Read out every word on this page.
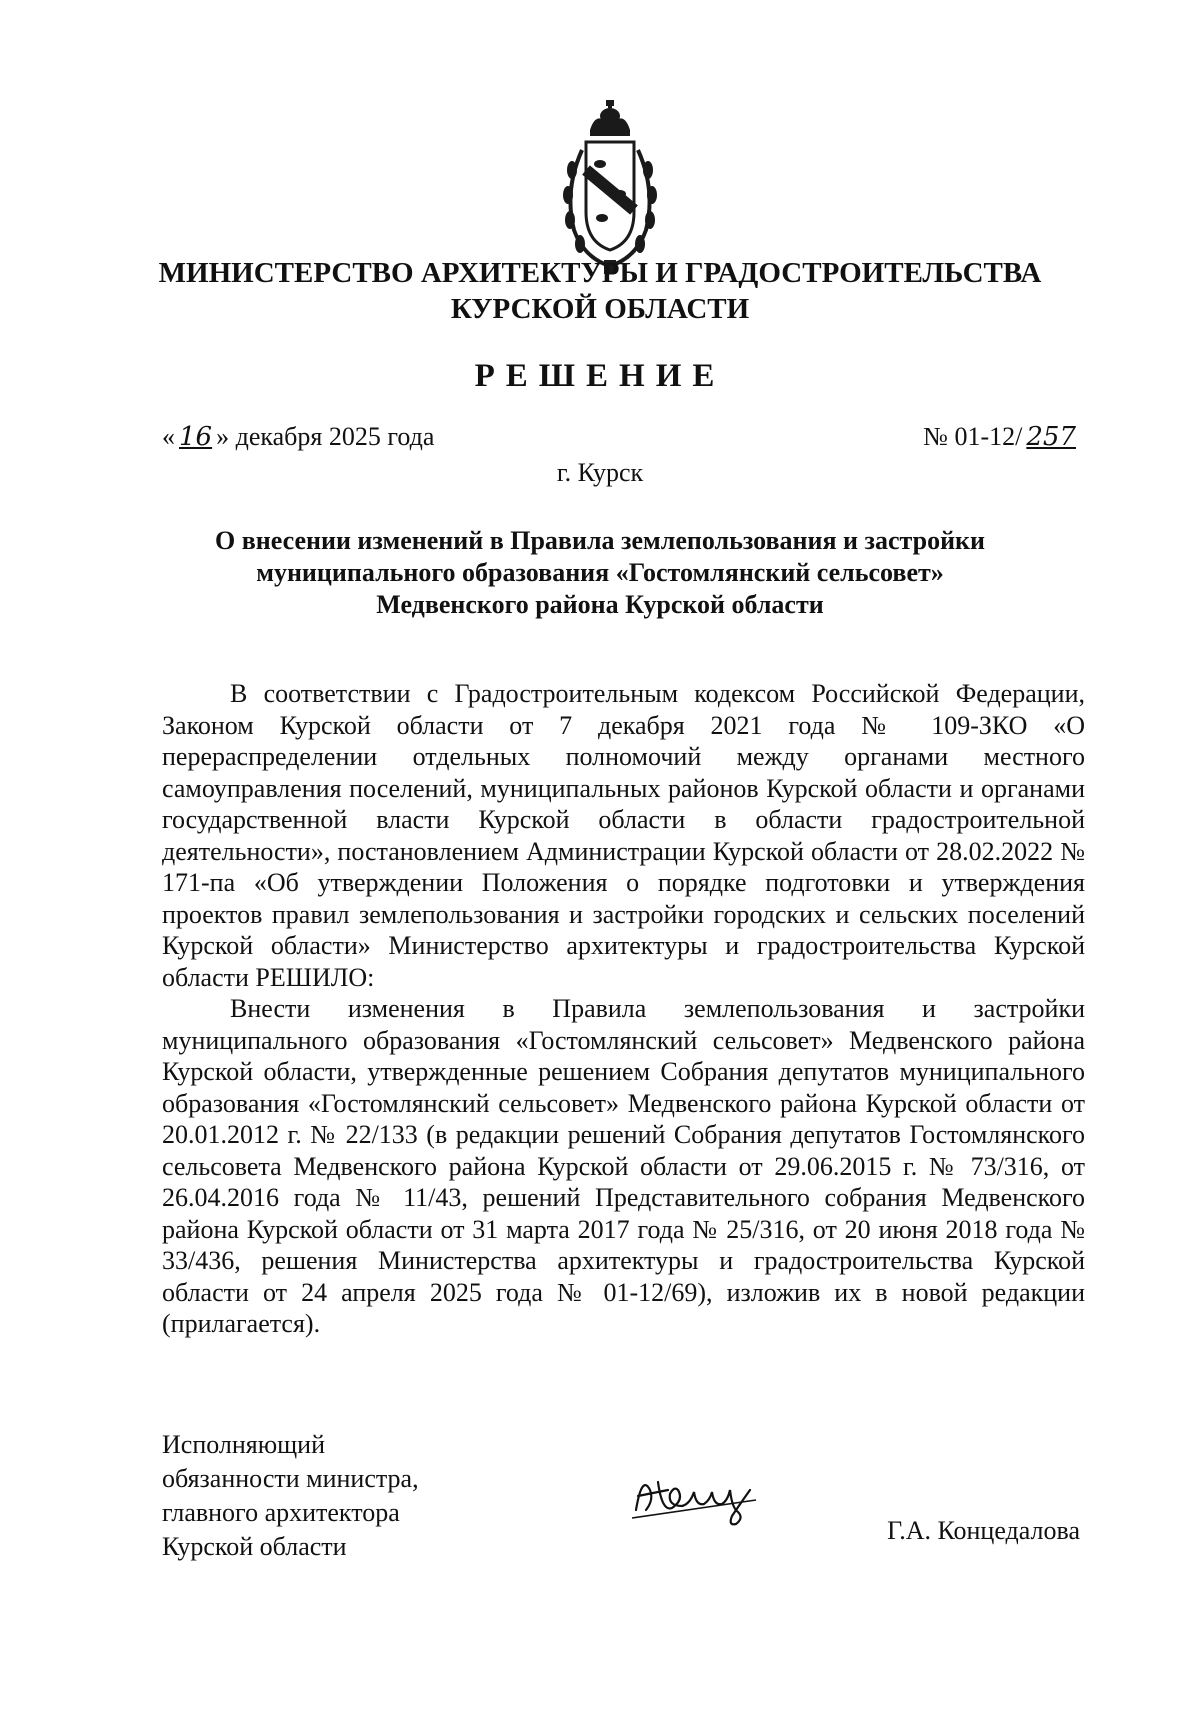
МИНИСТЕРСТВО АРХИТЕКТУРЫ И ГРАДОСТРОИТЕЛЬСТВА
КУРСКОЙ ОБЛАСТИ
РЕШЕНИЕ
« 16 » декабря 2025 года	№ 01-12/ 257
г. Курск
О внесении изменений в Правила землепользования и застройки
муниципального образования «Гостомлянский сельсовет»
Медвенского района Курской области

В соответствии с Градостроительным кодексом Российской Федерации, Законом Курской области от 7 декабря 2021 года № 109-ЗКО «О перераспределении отдельных полномочий между органами местного самоуправления поселений, муниципальных районов Курской области и органами государственной власти Курской области в области градостроительной деятельности», постановлением Администрации Курской области от 28.02.2022 № 171-па «Об утверждении Положения о порядке подготовки и утверждения проектов правил землепользования и застройки городских и сельских поселений Курской области» Министерство архитектуры и градостроительства Курской области РЕШИЛО:

Внести изменения в Правила землепользования и застройки муниципального образования «Гостомлянский сельсовет» Медвенского района Курской области, утвержденные решением Собрания депутатов муниципального образования «Гостомлянский сельсовет» Медвенского района Курской области от 20.01.2012 г. № 22/133 (в редакции решений Собрания депутатов Гостомлянского сельсовета Медвенского района Курской области от 29.06.2015 г. № 73/316, от 26.04.2016 года № 11/43, решений Представительного собрания Медвенского района Курской области от 31 марта 2017 года № 25/316, от 20 июня 2018 года № 33/436, решения Министерства архитектуры и градостроительства Курской области от 24 апреля 2025 года № 01-12/69), изложив их в новой редакции (прилагается).

Исполняющий
обязанности министра,
главного архитектора
Курской области
Г.А. Концедалова
